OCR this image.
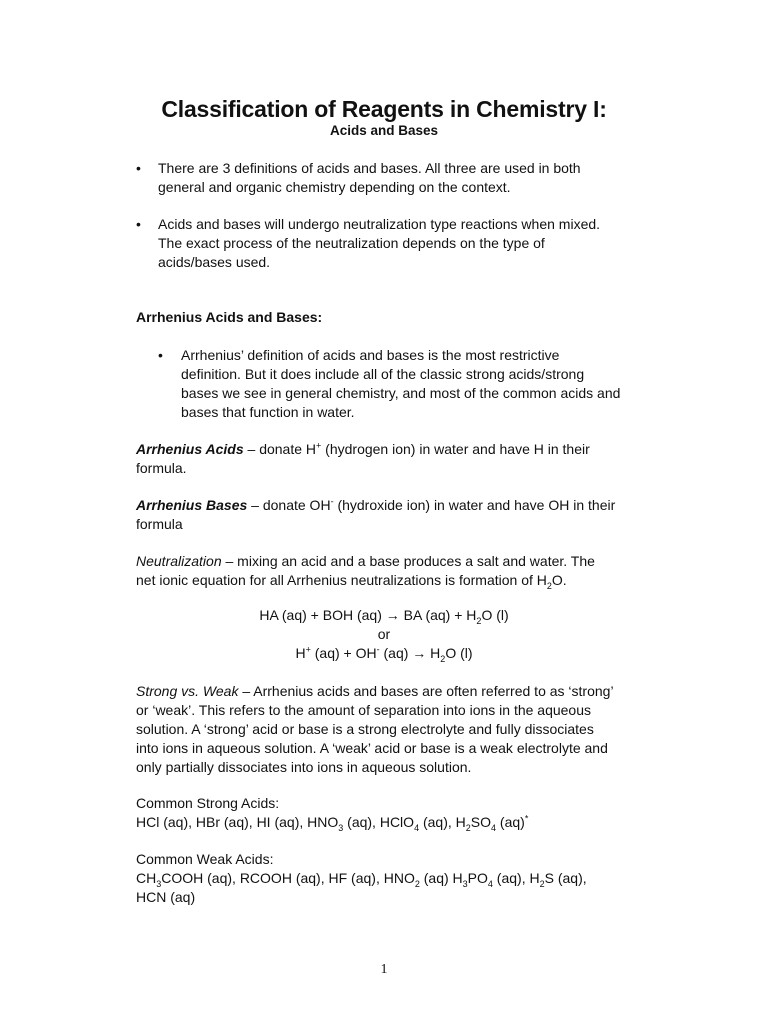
Classification of Reagents in Chemistry I:
Acids and Bases
• There are 3 definitions of acids and bases. All three are used in both
general and organic chemistry depending on the context.
• Acids and bases will undergo neutralization type reactions when mixed.
The exact process of the neutralization depends on the type of
acids/bases used.
Arrhenius Acids and Bases:
• Arrhenius’ definition of acids and bases is the most restrictive
definition. But it does include all of the classic strong acids/strong
bases we see in general chemistry, and most of the common acids and
bases that function in water.
Arrhenius Acids – donate H+ (hydrogen ion) in water and have H in their
formula.
Arrhenius Bases – donate OH- (hydroxide ion) in water and have OH in their
formula
Neutralization – mixing an acid and a base produces a salt and water. The
net ionic equation for all Arrhenius neutralizations is formation of $H_2O$.
HA (aq) + BOH (aq) → BA $(aq) + H_2O$ (l)
or
H+ (aq) + OH- $(aq) \to H_2O$ (l)
Strong vs. Weak – Arrhenius acids and bases are often referred to as ‘strong’
or ‘weak’. This refers to the amount of separation into ions in the aqueous
solution. A ‘strong’ acid or base is a strong electrolyte and fully dissociates
into ions in aqueous solution. A ‘weak’ acid or base is a weak electrolyte and
only partially dissociates into ions in aqueous solution.
Common Strong Acids:
HCl (aq), HBr (aq), HI (aq), $HNO_3$ (aq), HClO$_4$ (aq), $H_2SO_4$ (aq)*
Common Weak Acids:
$CH_3COOH$ (aq), RCOOH (aq), HF (aq), $HNO_2$ (aq) $H_3PO_4$ (aq), $H_2S$ (aq),
HCN (aq)
1
